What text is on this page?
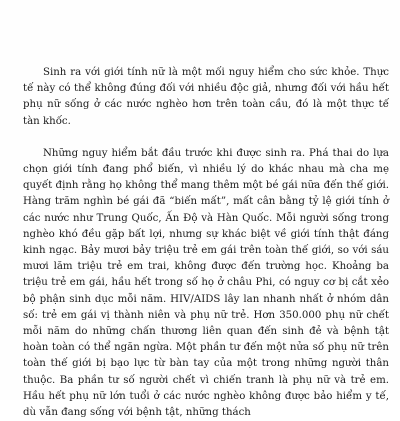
Sinh ra với giới tính nữ là một mối nguy hiểm cho sức khỏe. Thực tế này có thể không đúng đối với nhiều độc giả, nhưng đối với hầu hết phụ nữ sống ở các nước nghèo hơn trên toàn cầu, đó là một thực tế tàn khốc.

Những nguy hiểm bắt đầu trước khi được sinh ra. Phá thai do lựa chọn giới tính đang phổ biến, vì nhiều lý do khác nhau mà cha mẹ quyết định rằng họ không thể mang thêm một bé gái nữa đến thế giới. Hàng trăm nghìn bé gái đã “biến mất”, mất cân bằng tỷ lệ giới tính ở các nước như Trung Quốc, Ấn Độ và Hàn Quốc. Mỗi người sống trong nghèo khó đều gặp bất lợi, nhưng sự khác biệt về giới tính thật đáng kinh ngạc. Bảy mươi bảy triệu trẻ em gái trên toàn thế giới, so với sáu mươi lăm triệu trẻ em trai, không được đến trường học. Khoảng ba triệu trẻ em gái, hầu hết trong số họ ở châu Phi, có nguy cơ bị cắt xẻo bộ phận sinh dục mỗi năm. HIV/AIDS lây lan nhanh nhất ở nhóm dân số: trẻ em gái vị thành niên và phụ nữ trẻ. Hơn 350.000 phụ nữ chết mỗi năm do những chấn thương liên quan đến sinh đẻ và bệnh tật hoàn toàn có thể ngăn ngừa. Một phần tư đến một nửa số phụ nữ trên toàn thế giới bị bạo lực từ bàn tay của một trong những người thân thuộc. Ba phần tư số người chết vì chiến tranh là phụ nữ và trẻ em. Hầu hết phụ nữ lớn tuổi ở các nước nghèo không được bảo hiểm y tế, dù vẫn đang sống với bệnh tật, những thách
